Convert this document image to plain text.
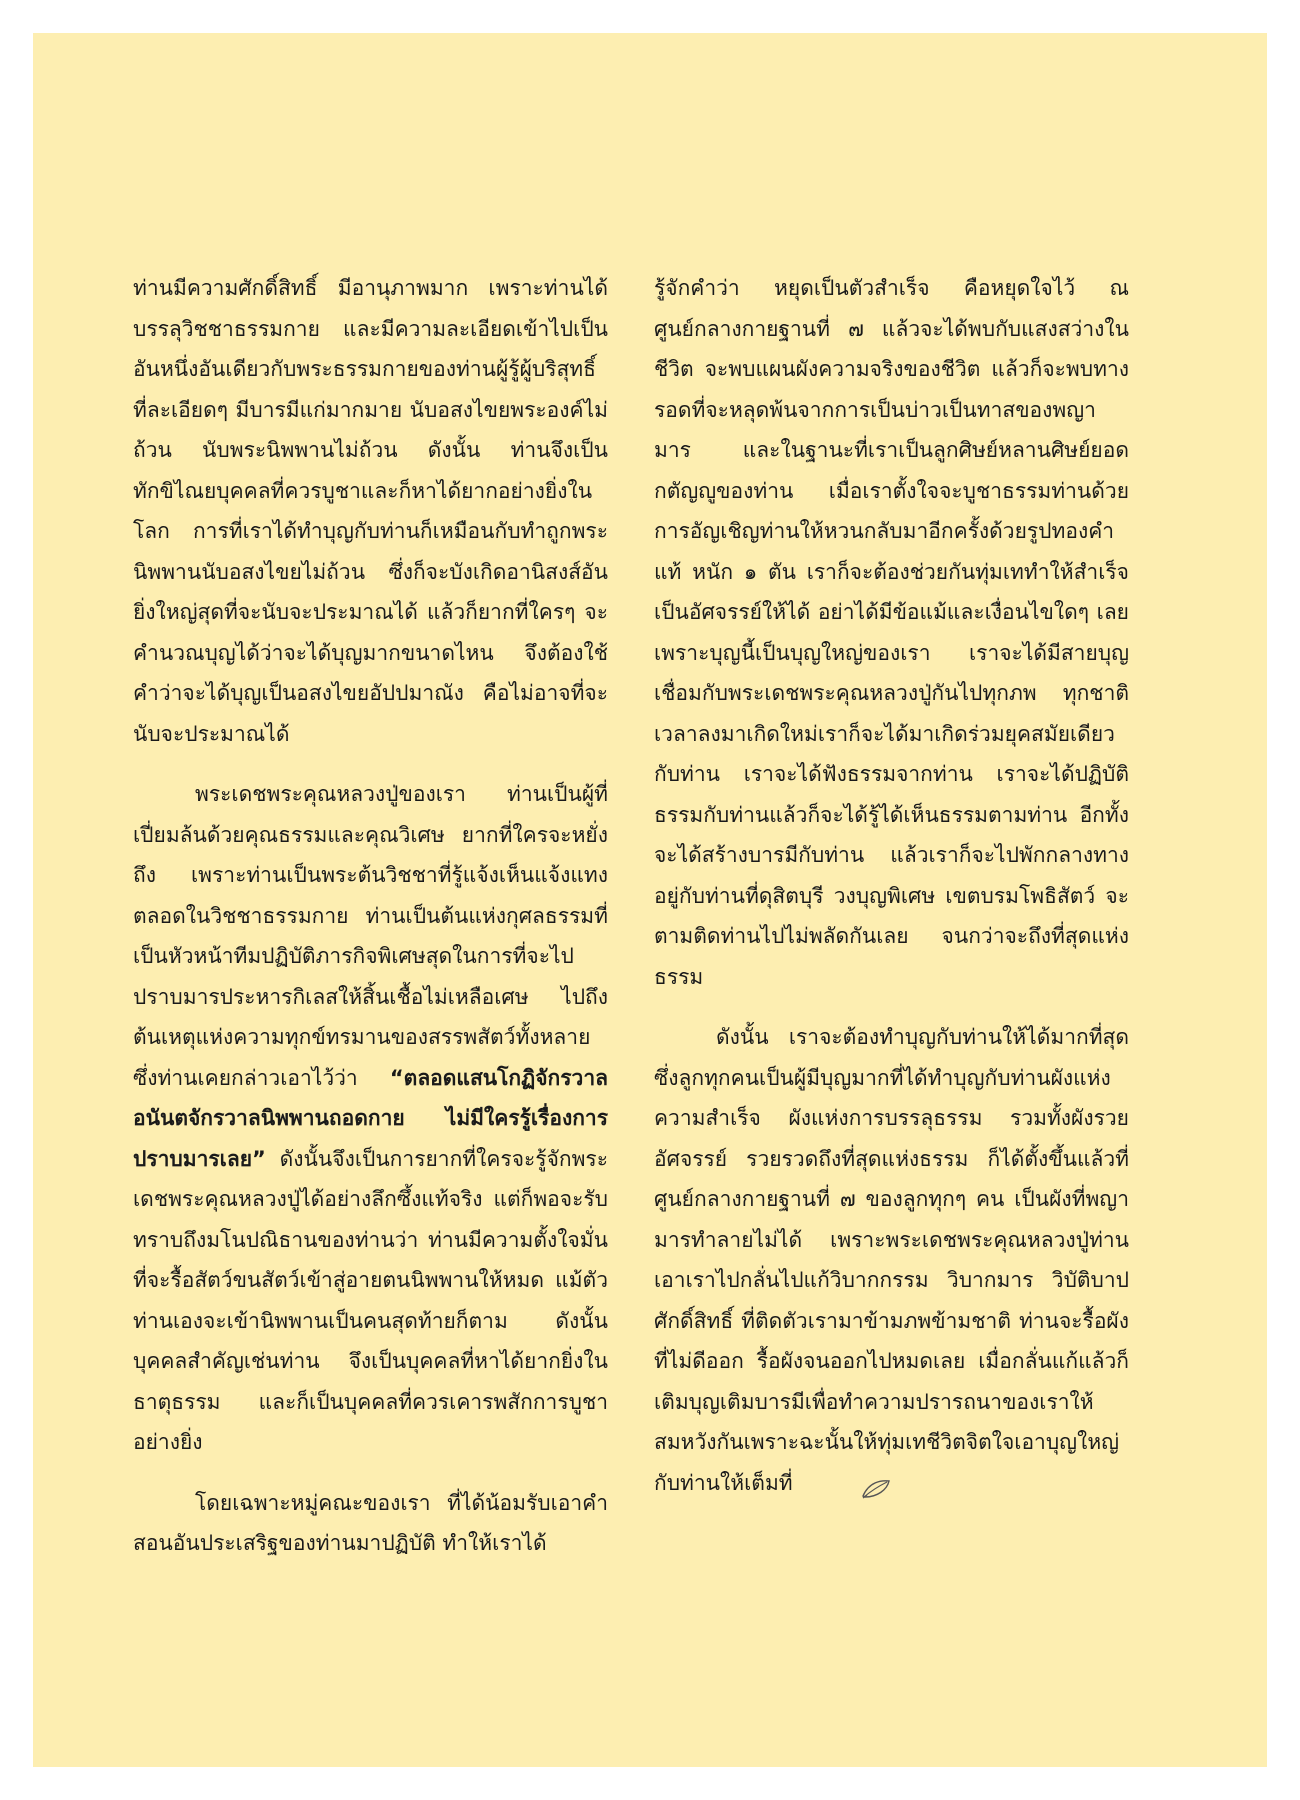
ท่านมีความศักดิ์สิทธิ์ มีอานุภาพมาก เพราะท่านได้บรรลุวิชชาธรรมกาย และมีความละเอียดเข้าไปเป็นอันหนึ่งอันเดียวกับพระธรรมกายของท่านผู้รู้ผู้บริสุทธิ์ ที่ละเอียดๆ มีบารมีแก่มากมาย นับอสงไขยพระองค์ไม่ถ้วน นับพระนิพพานไม่ถ้วน ดังนั้น ท่านจึงเป็นทักขิไณยบุคคลที่ควรบูชาและก็หาได้ยากอย่างยิ่งในโลก การที่เราได้ทำบุญกับท่านก็เหมือนกับทำถูกพระนิพพานนับอสงไขยไม่ถ้วน ซึ่งก็จะบังเกิดอานิสงส์อันยิ่งใหญ่สุดที่จะนับจะประมาณได้ แล้วก็ยากที่ใครๆ จะคำนวณบุญได้ว่าจะได้บุญมากขนาดไหน จึงต้องใช้คำว่าจะได้บุญเป็นอสงไขยอัปปมาณัง คือไม่อาจที่จะนับจะประมาณได้

พระเดชพระคุณหลวงปู่ของเรา ท่านเป็นผู้ที่เปี่ยมล้นด้วยคุณธรรมและคุณวิเศษ ยากที่ใครจะหยั่งถึง เพราะท่านเป็นพระต้นวิชชาที่รู้แจ้งเห็นแจ้งแทงตลอดในวิชชาธรรมกาย ท่านเป็นต้นแห่งกุศลธรรมที่เป็นหัวหน้าทีมปฏิบัติภารกิจพิเศษสุดในการที่จะไปปราบมารประหารกิเลสให้สิ้นเชื้อไม่เหลือเศษ ไปถึงต้นเหตุแห่งความทุกข์ทรมานของสรรพสัตว์ทั้งหลาย ซึ่งท่านเคยกล่าวเอาไว้ว่า “ตลอดแสนโกฏิจักรวาลอนันตจักรวาลนิพพานถอดกาย ไม่มีใครรู้เรื่องการปราบมารเลย” ดังนั้นจึงเป็นการยากที่ใครจะรู้จักพระเดชพระคุณหลวงปู่ได้อย่างลึกซึ้งแท้จริง แต่ก็พอจะรับทราบถึงมโนปณิธานของท่านว่า ท่านมีความตั้งใจมั่นที่จะรื้อสัตว์ขนสัตว์เข้าสู่อายตนนิพพานให้หมด แม้ตัวท่านเองจะเข้านิพพานเป็นคนสุดท้ายก็ตาม ดังนั้นบุคคลสำคัญเช่นท่าน จึงเป็นบุคคลที่หาได้ยากยิ่งในธาตุธรรม และก็เป็นบุคคลที่ควรเคารพสักการบูชาอย่างยิ่ง

โดยเฉพาะหมู่คณะของเรา ที่ได้น้อมรับเอาคำสอนอันประเสริฐของท่านมาปฏิบัติ ทำให้เราได้

รู้จักคำว่า หยุดเป็นตัวสำเร็จ คือหยุดใจไว้ ณ ศูนย์กลางกายฐานที่ ๗ แล้วจะได้พบกับแสงสว่างในชีวิต จะพบแผนผังความจริงของชีวิต แล้วก็จะพบทางรอดที่จะหลุดพ้นจากการเป็นบ่าวเป็นทาสของพญามาร และในฐานะที่เราเป็นลูกศิษย์หลานศิษย์ยอดกตัญญูของท่าน เมื่อเราตั้งใจจะบูชาธรรมท่านด้วยการอัญเชิญท่านให้หวนกลับมาอีกครั้งด้วยรูปทองคำแท้ หนัก ๑ ตัน เราก็จะต้องช่วยกันทุ่มเททำให้สำเร็จเป็นอัศจรรย์ให้ได้ อย่าได้มีข้อแม้และเงื่อนไขใดๆ เลย เพราะบุญนี้เป็นบุญใหญ่ของเรา เราจะได้มีสายบุญเชื่อมกับพระเดชพระคุณหลวงปู่กันไปทุกภพ ทุกชาติ เวลาลงมาเกิดใหม่เราก็จะได้มาเกิดร่วมยุคสมัยเดียวกับท่าน เราจะได้ฟังธรรมจากท่าน เราจะได้ปฏิบัติธรรมกับท่านแล้วก็จะได้รู้ได้เห็นธรรมตามท่าน อีกทั้งจะได้สร้างบารมีกับท่าน แล้วเราก็จะไปพักกลางทางอยู่กับท่านที่ดุสิตบุรี วงบุญพิเศษ เขตบรมโพธิสัตว์ จะตามติดท่านไปไม่พลัดกันเลย จนกว่าจะถึงที่สุดแห่งธรรม

ดังนั้น เราจะต้องทำบุญกับท่านให้ได้มากที่สุด ซึ่งลูกทุกคนเป็นผู้มีบุญมากที่ได้ทำบุญกับท่านผังแห่งความสำเร็จ ผังแห่งการบรรลุธรรม รวมทั้งผังรวยอัศจรรย์ รวยรวดถึงที่สุดแห่งธรรม ก็ได้ตั้งขึ้นแล้วที่ศูนย์กลางกายฐานที่ ๗ ของลูกทุกๆ คน เป็นผังที่พญามารทำลายไม่ได้ เพราะพระเดชพระคุณหลวงปู่ท่านเอาเราไปกลั่นไปแก้วิบากกรรม วิบากมาร วิบัติบาปศักดิ์สิทธิ์ ที่ติดตัวเรามาข้ามภพข้ามชาติ ท่านจะรื้อผังที่ไม่ดีออก รื้อผังจนออกไปหมดเลย เมื่อกลั่นแก้แล้วก็เติมบุญเติมบารมีเพื่อทำความปรารถนาของเราให้สมหวังกันเพราะฉะนั้นให้ทุ่มเทชีวิตจิตใจเอาบุญใหญ่กับท่านให้เต็มที่
